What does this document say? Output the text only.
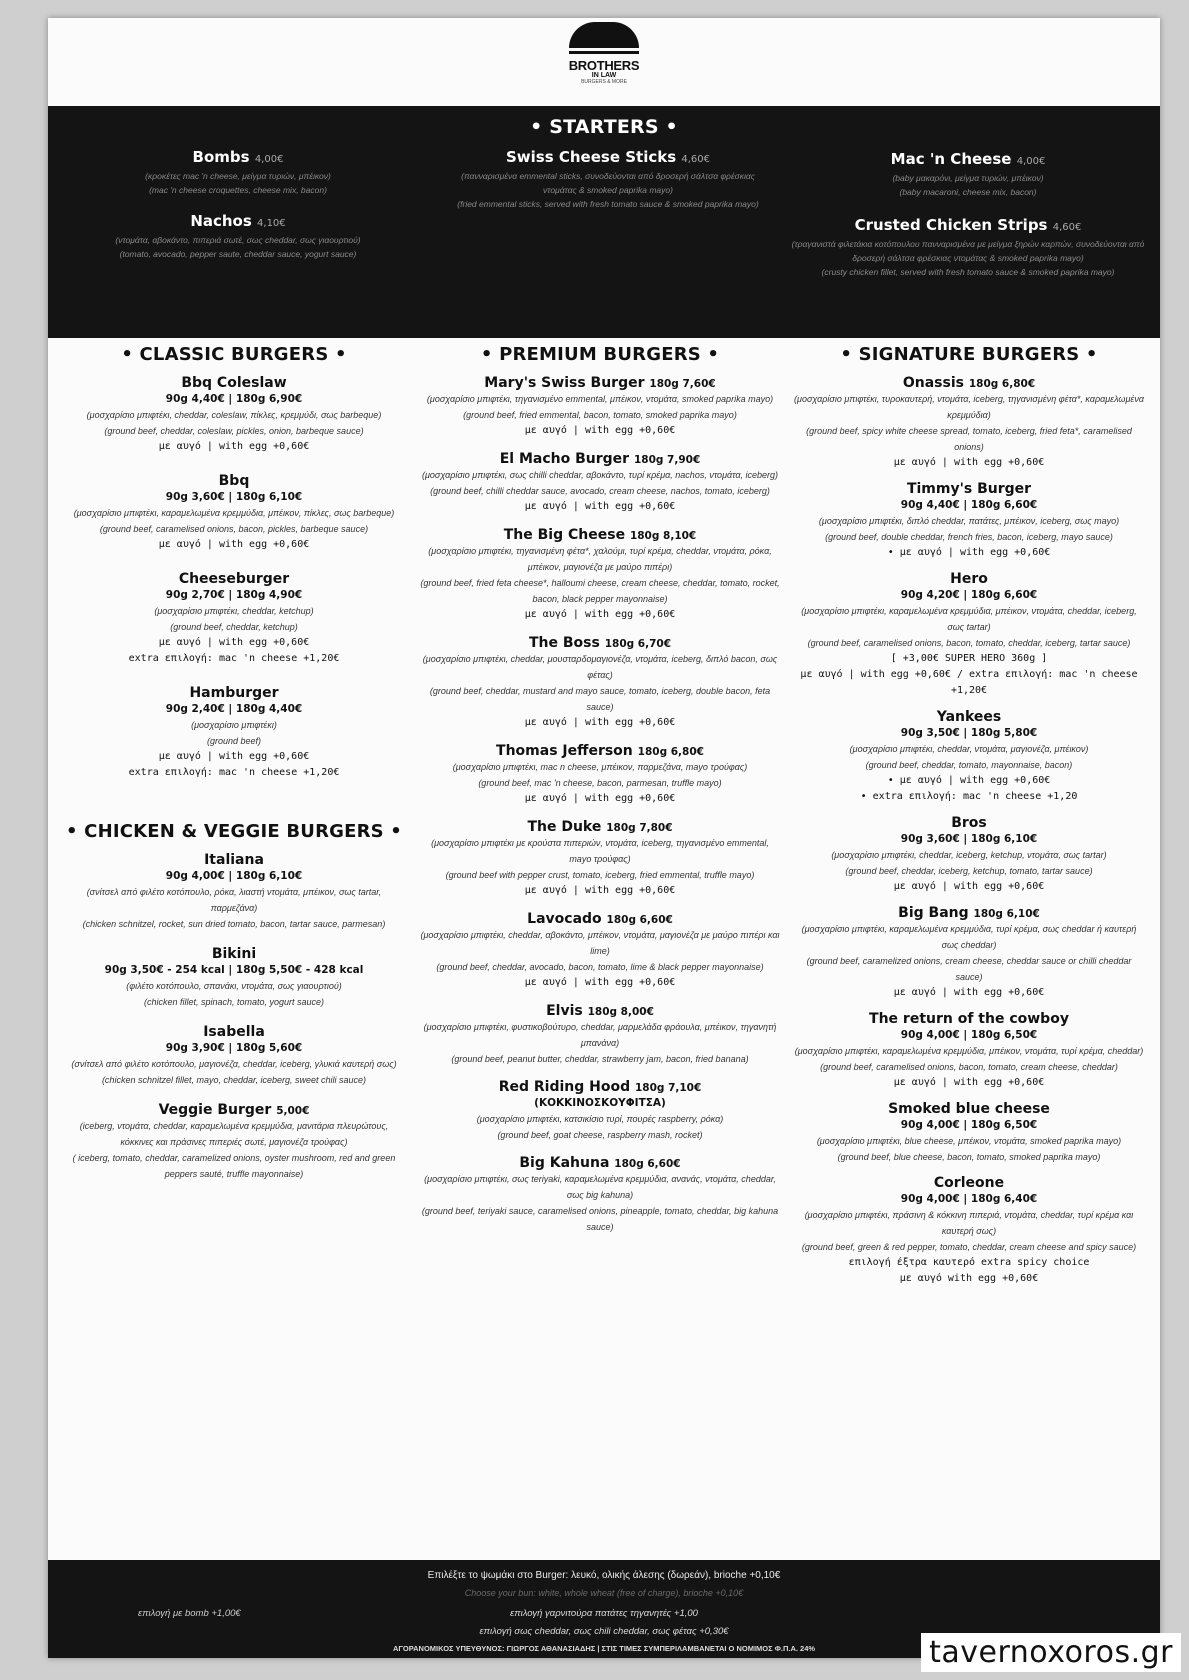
BROTHERS
IN LAW
BURGERS & MORE
• STARTERS •
Bombs 4,00€
(κροκέτες mac 'n cheese, μείγμα τυριών, μπέικον)
(mac 'n cheese croquettes, cheese mix, bacon)
Nachos 4,10€
(ντομάτα, αβοκάντο, πιπεριά σωτέ, σως cheddar, σως γιαουρτιού)
(tomato, avocado, pepper saute, cheddar sauce, yogurt sauce)
Swiss Cheese Sticks 4,60€
(πανναρισμένα emmental sticks, συνοδεύονται από δροσερή σάλτσα φρέσκιας ντομάτας & smoked paprika mayo)
(fried emmental sticks, served with fresh tomato sauce & smoked paprika mayo)
Mac 'n Cheese 4,00€
(baby μακαρόνι, μείγμα τυριών, μπέικον)
(baby macaroni, cheese mix, bacon)
Crusted Chicken Strips 4,60€
(τραγανιστά φιλετάκια κοτόπουλου πανναρισμένα με μείγμα ξηρών καρπών, συνοδεύονται από δροσερή σάλτσα φρέσκιας ντομάτας & smoked paprika mayo)
(crusty chicken fillet, served with fresh tomato sauce & smoked paprika mayo)
• CLASSIC BURGERS •
Bbq Coleslaw
90g 4,40€ | 180g 6,90€
(μοσχαρίσιο μπιφτέκι, cheddar, coleslaw, πίκλες, κρεμμύδι, σως barbeque)
(ground beef, cheddar, coleslaw, pickles, onion, barbeque sauce)
με αυγό | with egg +0,60€
Bbq
90g 3,60€ | 180g 6,10€
(μοσχαρίσιο μπιφτέκι, καραμελωμένα κρεμμύδια, μπέικον, πίκλες, σως barbeque)
(ground beef, caramelised onions, bacon, pickles, barbeque sauce)
με αυγό | with egg +0,60€
Cheeseburger
90g 2,70€ | 180g 4,90€
(μοσχαρίσιο μπιφτέκι, cheddar, ketchup)
(ground beef, cheddar, ketchup)
με αυγό | with egg +0,60€
extra επιλογή: mac 'n cheese +1,20€
Hamburger
90g 2,40€ | 180g 4,40€
(μοσχαρίσιο μπιφτέκι)
(ground beef)
με αυγό | with egg +0,60€
extra επιλογή: mac 'n cheese +1,20€
• CHICKEN & VEGGIE BURGERS •
Italiana
90g 4,00€ | 180g 6,10€
(σνίτσελ από φιλέτο κοτόπουλο, ρόκα, λιαστή ντομάτα, μπέικον, σως tartar, παρμεζάνα)
(chicken schnitzel, rocket, sun dried tomato, bacon, tartar sauce, parmesan)
Bikini
90g 3,50€ - 254 kcal | 180g 5,50€ - 428 kcal
(φιλέτο κοτόπουλο, σπανάκι, ντομάτα, σως γιαουρτιού)
(chicken fillet, spinach, tomato, yogurt sauce)
Isabella
90g 3,90€ | 180g 5,60€
(σνίτσελ από φιλέτο κοτόπουλο, μαγιονέζα, cheddar, iceberg, γλυκιά καυτερή σως)
(chicken schnitzel fillet, mayo, cheddar, iceberg, sweet chili sauce)
Veggie Burger 5,00€
(iceberg, ντομάτα, cheddar, καραμελωμένα κρεμμύδια, μανιτάρια πλευρώτους, κόκκινες και πράσινες πιπεριές σωτέ, μαγιονέζα τρούφας)
( iceberg, tomato, cheddar, caramelized onions, oyster mushroom, red and green peppers sauté, truffle mayonnaise)
• PREMIUM BURGERS •
Mary's Swiss Burger 180g 7,60€
(μοσχαρίσιο μπιφτέκι, τηγανισμένο emmental, μπέικον, ντομάτα, smoked paprika mayo)
(ground beef, fried emmental, bacon, tomato, smoked paprika mayo)
με αυγό | with egg +0,60€
El Macho Burger 180g 7,90€
(μοσχαρίσιο μπιφτέκι, σως chilli cheddar, αβοκάντο, τυρί κρέμα, nachos, ντομάτα, iceberg)
(ground beef, chilli cheddar sauce, avocado, cream cheese, nachos, tomato, iceberg)
με αυγό | with egg +0,60€
The Big Cheese 180g 8,10€
(μοσχαρίσιο μπιφτέκι, τηγανισμένη φέτα*, χαλούμι, τυρί κρέμα, cheddar, ντομάτα, ρόκα, μπέικον, μαγιονέζα με μαύρο πιπέρι)
(ground beef, fried feta cheese*, halloumi cheese, cream cheese, cheddar, tomato, rocket, bacon, black pepper mayonnaise)
με αυγό | with egg +0,60€
The Boss 180g 6,70€
(μοσχαρίσιο μπιφτέκι, cheddar, μουσταρδομαγιονέζα, ντομάτα, iceberg, διπλό bacon, σως φέτας)
(ground beef, cheddar, mustard and mayo sauce, tomato, iceberg, double bacon, feta sauce)
με αυγό | with egg +0,60€
Thomas Jefferson 180g 6,80€
(μοσχαρίσιο μπιφτέκι, mac n cheese, μπέικον, παρμεζάνα, mayo τρούφας)
(ground beef, mac 'n cheese, bacon, parmesan, truffle mayo)
με αυγό | with egg +0,60€
The Duke 180g 7,80€
(μοσχαρίσιο μπιφτέκι με κρούστα πιπεριών, ντομάτα, iceberg, τηγανισμένο emmental, mayo τρούφας)
(ground beef with pepper crust, tomato, iceberg, fried emmental, truffle mayo)
με αυγό | with egg +0,60€
Lavocado 180g 6,60€
(μοσχαρίσιο μπιφτέκι, cheddar, αβοκάντο, μπέικον, ντομάτα, μαγιονέζα με μαύρο πιπέρι και lime)
(ground beef, cheddar, avocado, bacon, tomato, lime & black pepper mayonnaise)
με αυγό | with egg +0,60€
Elvis 180g 8,00€
(μοσχαρίσιο μπιφτέκι, φυστικοβούτυρο, cheddar, μαρμελάδα φράουλα, μπέικον, τηγανητή μπανάνα)
(ground beef, peanut butter, cheddar, strawberry jam, bacon, fried banana)
Red Riding Hood 180g 7,10€
(ΚΟΚΚΙΝΟΣΚΟΥΦΙΤΣΑ)
(μοσχαρίσιο μπιφτέκι, κατσικίσιο τυρί, πουρές raspberry, ρόκα)
(ground beef, goat cheese, raspberry mash, rocket)
Big Kahuna 180g 6,60€
(μοσχαρίσιο μπιφτέκι, σως teriyaki, καραμελωμένα κρεμμύδια, ανανάς, ντομάτα, cheddar, σως big kahuna)
(ground beef, teriyaki sauce, caramelised onions, pineapple, tomato, cheddar, big kahuna sauce)
• SIGNATURE BURGERS •
Onassis 180g 6,80€
(μοσχαρίσιο μπιφτέκι, τυροκαυτερή, ντομάτα, iceberg, τηγανισμένη φέτα*, καραμελωμένα κρεμμύδια)
(ground beef, spicy white cheese spread, tomato, iceberg, fried feta*, caramelised onions)
με αυγό | with egg +0,60€
Timmy's Burger
90g 4,40€ | 180g 6,60€
(μοσχαρίσιο μπιφτέκι, διπλό cheddar, πατάτες, μπέικον, iceberg, σως mayo)
(ground beef, double cheddar, french fries, bacon, iceberg, mayo sauce)
• με αυγό | with egg +0,60€
Hero
90g 4,20€ | 180g 6,60€
(μοσχαρίσιο μπιφτέκι, καραμελωμένα κρεμμύδια, μπέικον, ντομάτα, cheddar, iceberg, σως tartar)
(ground beef, caramelised onions, bacon, tomato, cheddar, iceberg, tartar sauce)
[ +3,00€ SUPER HERO 360g ]
με αυγό | with egg +0,60€ / extra επιλογή: mac 'n cheese +1,20€
Yankees
90g 3,50€ | 180g 5,80€
(μοσχαρίσιο μπιφτέκι, cheddar, ντομάτα, μαγιονέζα, μπέικον)
(ground beef, cheddar, tomato, mayonnaise, bacon)
• με αυγό | with egg +0,60€
• extra επιλογή: mac 'n cheese +1,20
Bros
90g 3,60€ | 180g 6,10€
(μοσχαρίσιο μπιφτέκι, cheddar, iceberg, ketchup, ντομάτα, σως tartar)
(ground beef, cheddar, iceberg, ketchup, tomato, tartar sauce)
με αυγό | with egg +0,60€
Big Bang 180g 6,10€
(μοσχαρίσιο μπιφτέκι, καραμελωμένα κρεμμύδια, τυρί κρέμα, σως cheddar ή καυτερή σως cheddar)
(ground beef, caramelized onions, cream cheese, cheddar sauce or chilli cheddar sauce)
με αυγό | with egg +0,60€
The return of the cowboy
90g 4,00€ | 180g 6,50€
(μοσχαρίσιο μπιφτέκι, καραμελωμένα κρεμμύδια, μπέικον, ντομάτα, τυρί κρέμα, cheddar)
(ground beef, caramelised onions, bacon, tomato, cream cheese, cheddar)
με αυγό | with egg +0,60€
Smoked blue cheese
90g 4,00€ | 180g 6,50€
(μοσχαρίσιο μπιφτέκι, blue cheese, μπέικον, ντομάτα, smoked paprika mayo)
(ground beef, blue cheese, bacon, tomato, smoked paprika mayo)
Corleone
90g 4,00€ | 180g 6,40€
(μοσχαρίσιο μπιφτέκι, πράσινη & κόκκινη πιπεριά, ντομάτα, cheddar, τυρί κρέμα και καυτερή σως)
(ground beef, green & red pepper, tomato, cheddar, cream cheese and spicy sauce)
επιλογή έξτρα καυτερό extra spicy choice
με αυγό with egg +0,60€
Επιλέξτε το ψωμάκι στο Burger: λευκό, ολικής άλεσης (δωρεάν), brioche +0,10€
Choose your bun: white, whole wheat (free of charge), brioche +0,10€
επιλογή με bomb +1,00€	επιλογή γαρνιτούρα πατάτες τηγανητές +1,00
επιλογή σως cheddar, σως chili cheddar, σως φέτας +0,30€
ΑΓΟΡΑΝΟΜΙΚΟΣ ΥΠΕΥΘΥΝΟΣ: ΓΙΩΡΓΟΣ ΑΘΑΝΑΣΙΑΔΗΣ | ΣΤΙΣ ΤΙΜΕΣ ΣΥΜΠΕΡΙΛΑΜΒΑΝΕΤΑΙ Ο ΝΟΜΙΜΟΣ Φ.Π.Α. 24%	tavernoxoros.gr
